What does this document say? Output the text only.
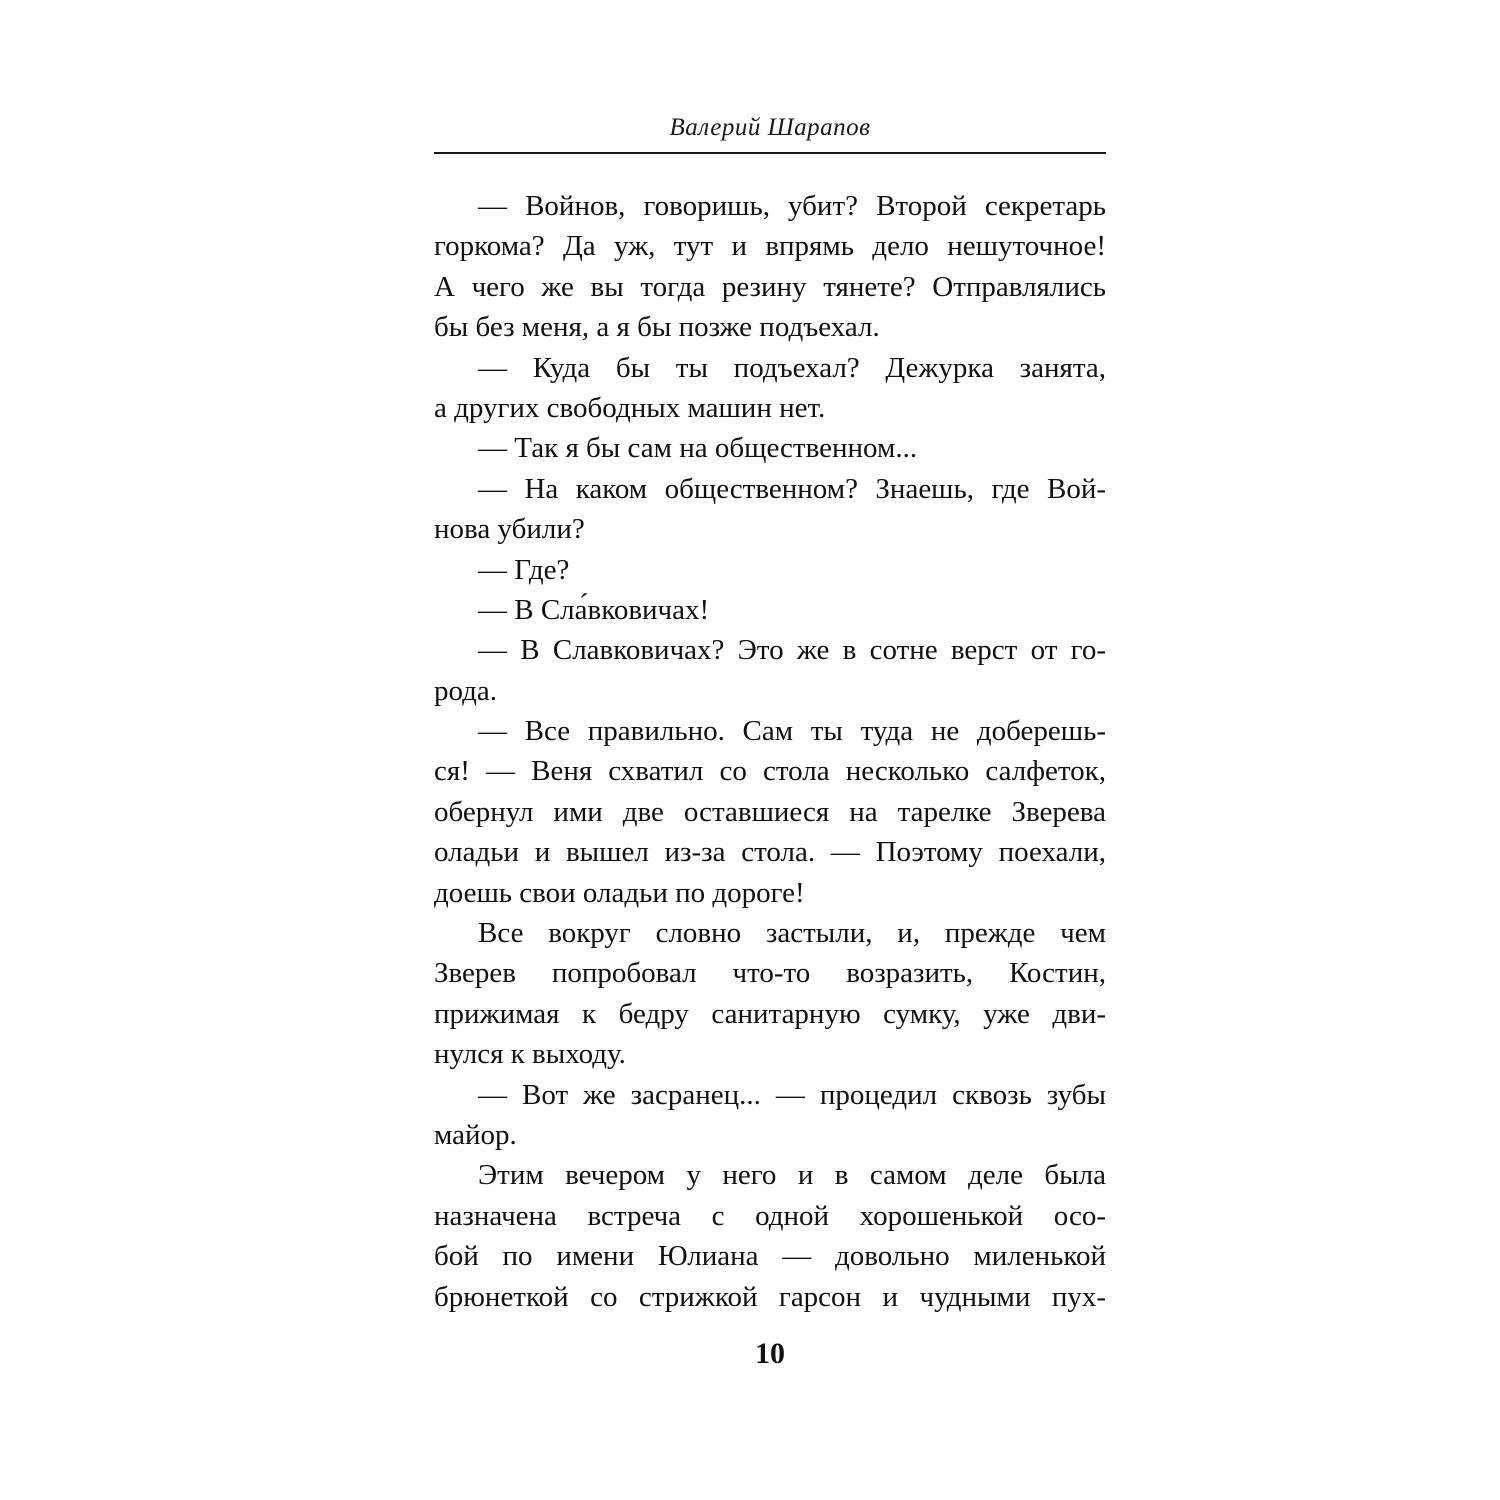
Валерий Шарапов
— Войнов, говоришь, убит? Второй секретарь
горкома? Да уж, тут и впрямь дело нешуточное!
А чего же вы тогда резину тянете? Отправлялись
бы без меня, а я бы позже подъехал.
— Куда бы ты подъехал? Дежурка занята,
а других свободных машин нет.
— Так я бы сам на общественном...
— На каком общественном? Знаешь, где Вой-
нова убили?
— Где?
— В Сла́вковичах!
— В Славковичах? Это же в сотне верст от го-
рода.
— Все правильно. Сам ты туда не доберешь-
ся! — Веня схватил со стола несколько салфеток,
обернул ими две оставшиеся на тарелке Зверева
оладьи и вышел из-за стола. — Поэтому поехали,
доешь свои оладьи по дороге!
Все вокруг словно застыли, и, прежде чем
Зверев попробовал что-то возразить, Костин,
прижимая к бедру санитарную сумку, уже дви-
нулся к выходу.
— Вот же засранец... — процедил сквозь зубы
майор.
Этим вечером у него и в самом деле была
назначена встреча с одной хорошенькой осо-
бой по имени Юлиана — довольно миленькой
брюнеткой со стрижкой гарсон и чудными пух-
10
